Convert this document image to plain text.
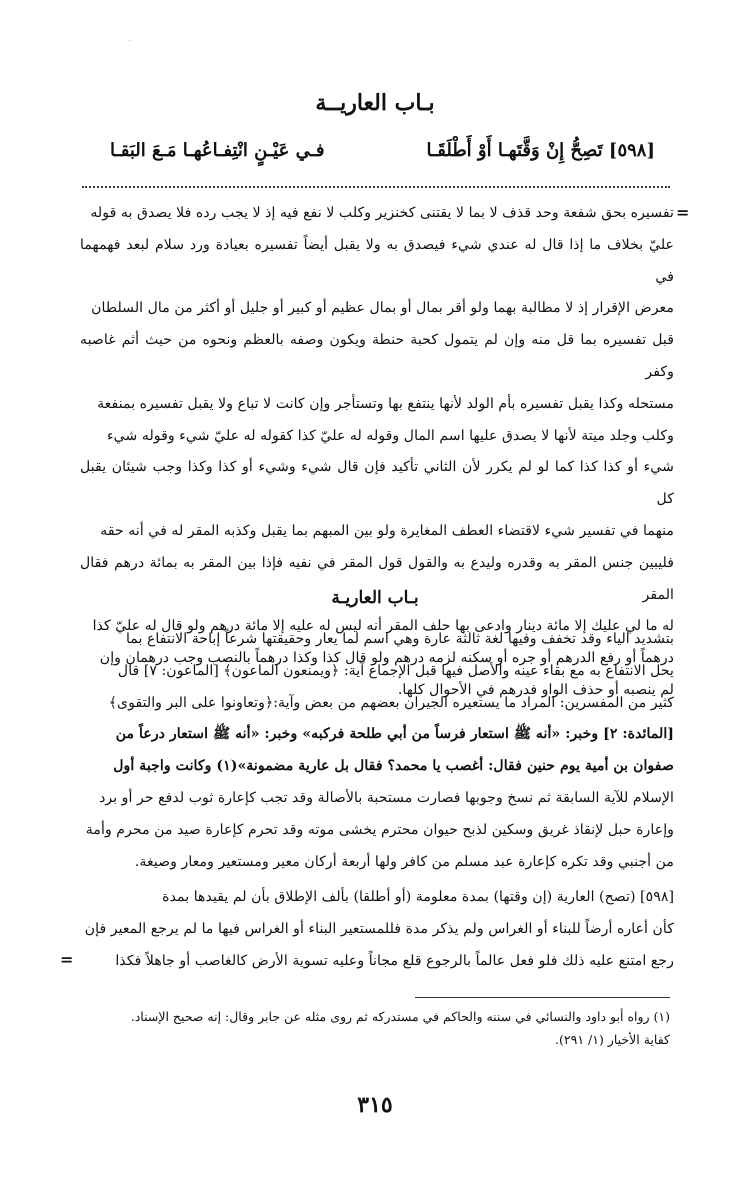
·
بـاب العاريــة
[٥٩٨] تَصِحُّ إِنْ وَقَّتَهـا أَوْ أَطْلَقَـا
فـي عَيْـنٍ انْتِفـاعُهـا مَـعَ البَقـا
=

تفسيره بحق شفعة وحد قذف لا بما لا يقتنى كخنزير وكلب لا نفع فيه إذ لا يجب رده فلا يصدق به قوله

عليّ بخلاف ما إذا قال له عندي شيء فيصدق به ولا يقبل أيضاً تفسيره بعيادة ورد سلام لبعد فهمهما في

معرض الإقرار إذ لا مطالبة بهما ولو أقر بمال أو بمال عظيم أو كبير أو جليل أو أكثر من مال السلطان

قبل تفسيره بما قل منه وإن لم يتمول كحبة حنطة ويكون وصفه بالعظم ونحوه من حيث أثم غاصبه وكفر

مستحله وكذا يقبل تفسيره بأم الولد لأنها ينتفع بها وتستأجر وإن كانت لا تباع ولا يقبل تفسيره بمنفعة

وكلب وجلد ميتة لأنها لا يصدق عليها اسم المال وقوله له عليّ كذا كقوله له عليّ شيء وقوله شيء

شيء أو كذا كذا كما لو لم يكرر لأن الثاني تأكيد فإن قال شيء وشيء أو كذا وكذا وجب شيئان يقبل كل

منهما في تفسير شيء لاقتضاء العطف المغايرة ولو بين المبهم بما يقبل وكذبه المقر له في أنه حقه

فليبين جنس المقر به وقدره وليدع به والقول قول المقر في نفيه فإذا بين المقر به بمائة درهم فقال المقر

له ما لي عليك إلا مائة دينار وادعى بها حلف المقر أنه ليس له عليه إلا مائة درهم ولو قال له عليّ كذا

درهماً أو رفع الدرهم أو جره أو سكنه لزمه درهم ولو قال كذا وكذا درهماً بالنصب وجب درهمان وإن

لم ينصبه أو حذف الواو فدرهم في الأحوال كلها.

بـاب العاريـة

بتشديد الياء وقد تخفف وفيها لغة ثالثة عارة وهي اسم لما يعار وحقيقتها شرعاً إباحة الانتفاع بما

يحل الانتفاع به مع بقاء عينه والأصل فيها قبل الإجماع آية: ﴿ويمنعون الماعون﴾ [الماعون: ٧] قال

كثير من المفسرين: المراد ما يستعيره الجيران بعضهم من بعض وآية:﴿وتعاونوا على البر والتقوى﴾

[المائدة: ٢] وخبر: «أنه ﷺ استعار فرساً من أبي طلحة فركبه» وخبر: «أنه ﷺ استعار درعاً من

صفوان بن أمية يوم حنين فقال: أغصب يا محمد؟ فقال بل عارية مضمونة»(١) وكانت واجبة أول

الإسلام للآية السابقة ثم نسخ وجوبها فصارت مستحبة بالأصالة وقد تجب كإعارة ثوب لدفع حر أو برد

وإعارة حبل لإنقاذ غريق وسكين لذبح حيوان محترم يخشى موته وقد تحرم كإعارة صيد من محرم وأمة

من أجنبي وقد تكره كإعارة عبد مسلم من كافر ولها أربعة أركان معير ومستعير ومعار وصيغة.

[٥٩٨] (تصح) العارية (إن وقتها) بمدة معلومة (أو أطلقا) بألف الإطلاق بأن لم يقيدها بمدة

كأن أعاره أرضاً للبناء أو الغراس ولم يذكر مدة فللمستعير البناء أو الغراس فيها ما لم يرجع المعير فإن

رجع امتنع عليه ذلك فلو فعل عالماً بالرجوع قلع مجاناً وعليه تسوية الأرض كالغاصب أو جاهلاً فكذا

=

(١) رواه أبو داود والنسائي في سننه والحاكم في مستدركه ثم روى مثله عن جابر وقال: إنه صحيح الإسناد.

كفاية الأخيار (١/ ٢٩١).

٣١٥
